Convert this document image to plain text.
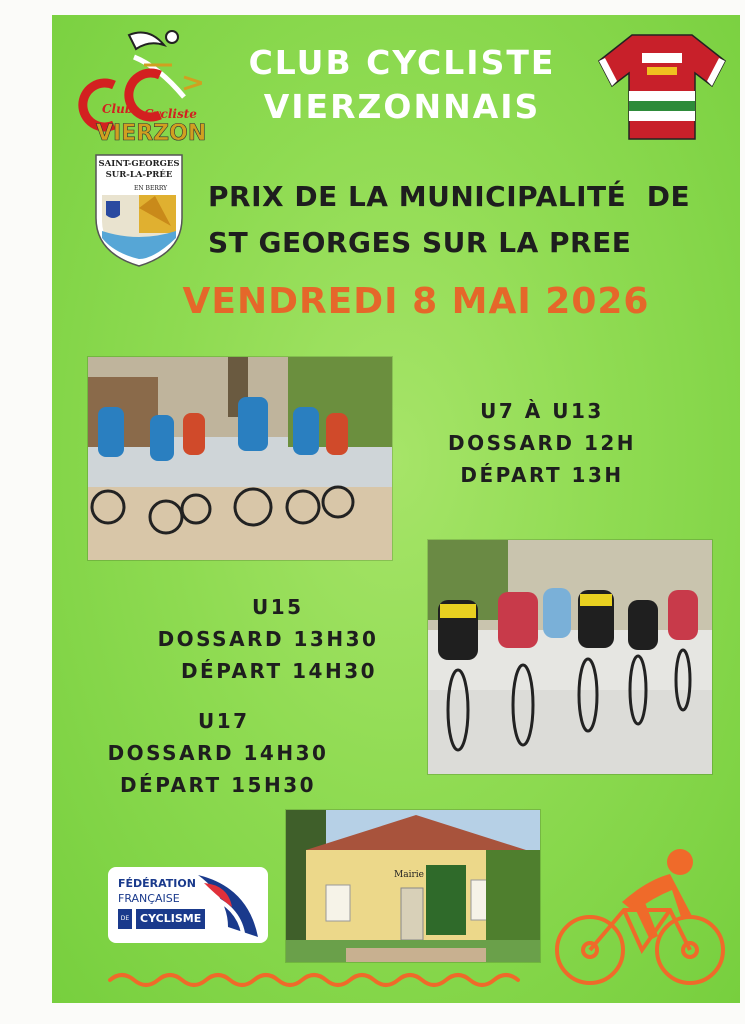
Club Cycliste
VIERZON
CLUB CYCLISTE
VIERZONNAIS
SAINT-GEORGES
SUR-LA-PRÉE
EN BERRY PRIX DE LA MUNICIPALITÉ  DE
ST GEORGES SUR LA PREE
VENDREDI 8 MAI 2026
U7 À U13
DOSSARD 12H
DÉPART 13H
U15
DOSSARD 13H30
DÉPART 14H30
U17
DOSSARD 14H30
DÉPART 15H30
Mairie
FÉDÉRATION
FRANÇAISE
DE CYCLISME
